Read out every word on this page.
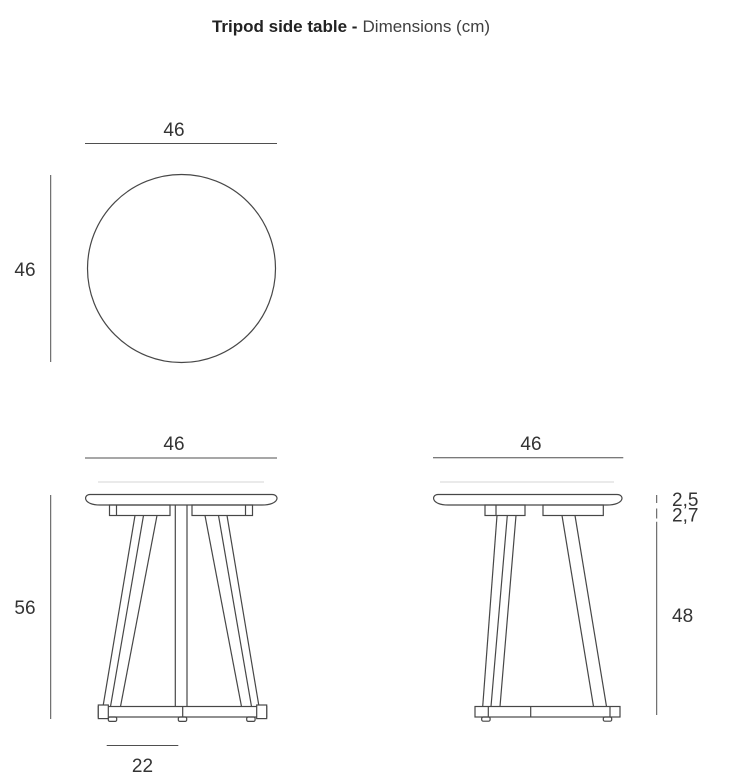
Tripod side table - Dimensions (cm)
46
46
46
56
22
46
2,5
2,7
48
